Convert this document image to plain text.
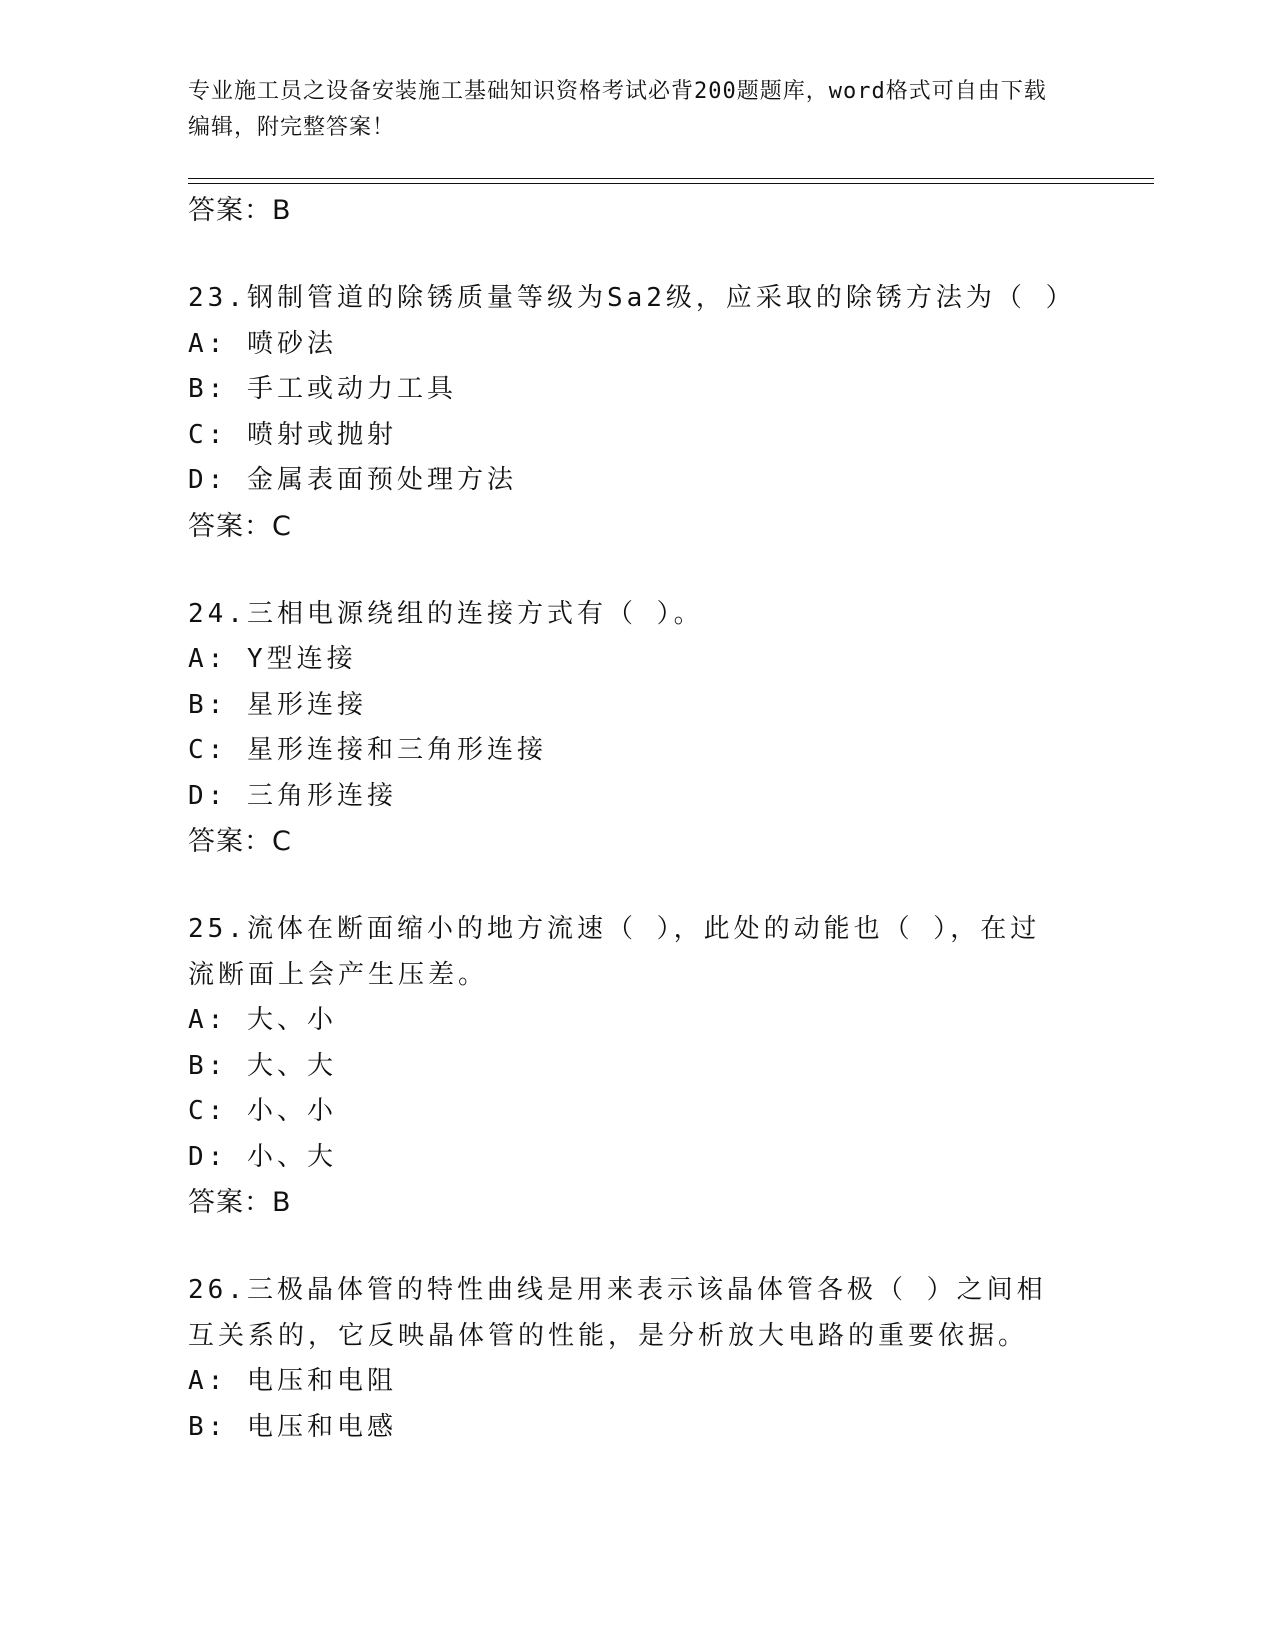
专业施工员之设备安装施工基础知识资格考试必背200题题库，word格式可自由下载编辑，附完整答案！
答案：B
23.钢制管道的除锈质量等级为Sa2级，应采取的除锈方法为（ ）
A: 喷砂法
B: 手工或动力工具
C: 喷射或抛射
D: 金属表面预处理方法
答案：C
24.三相电源绕组的连接方式有（ ）。
A: Y型连接
B: 星形连接
C: 星形连接和三角形连接
D: 三角形连接
答案：C
25.流体在断面缩小的地方流速（ ），此处的动能也（ ），在过流断面上会产生压差。
A: 大、小
B: 大、大
C: 小、小
D: 小、大
答案：B
26.三极晶体管的特性曲线是用来表示该晶体管各极（ ）之间相互关系的，它反映晶体管的性能，是分析放大电路的重要依据。
A: 电压和电阻
B: 电压和电感
